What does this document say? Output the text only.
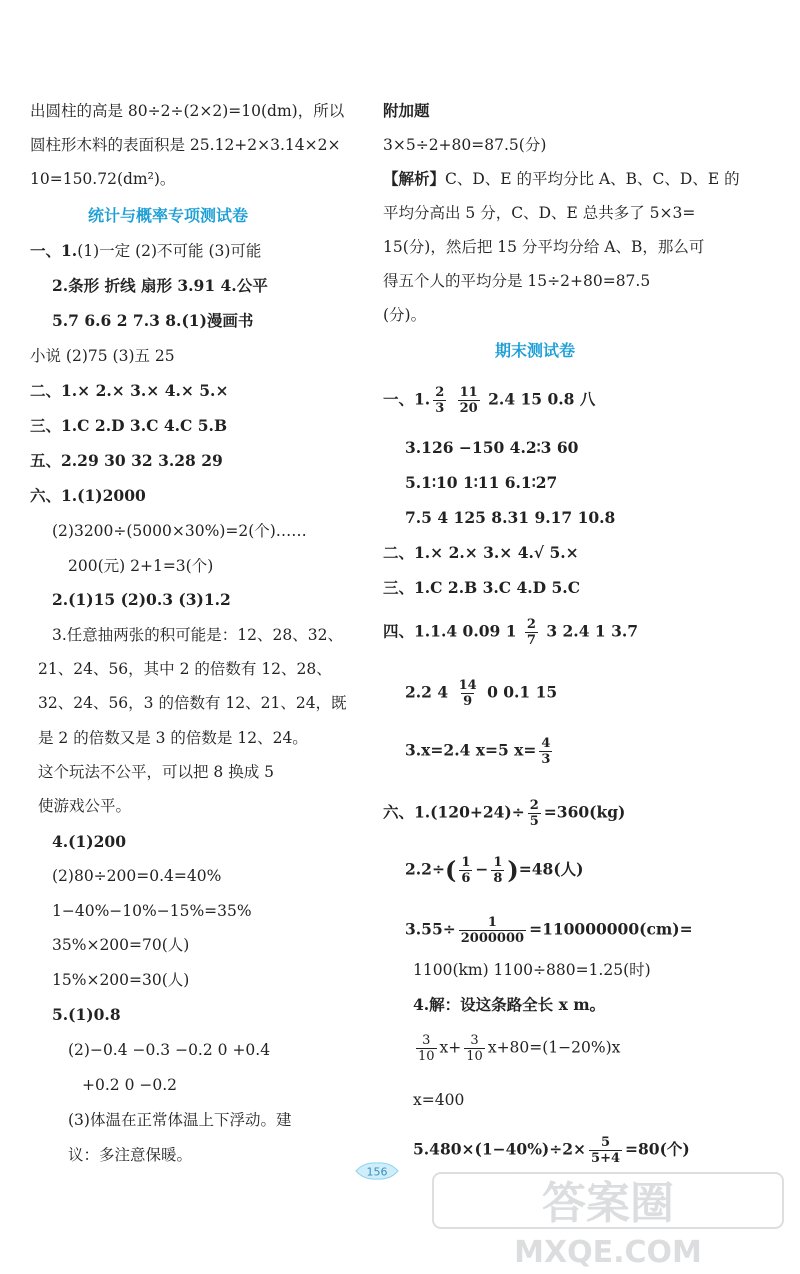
出圆柱的高是 80÷2÷(2×2)=10(dm)，所以
圆柱形木料的表面积是 25.12+2×3.14×2×
10=150.72(dm²)。
统计与概率专项测试卷
一、1.(1)一定 (2)不可能 (3)可能
2.条形 折线 扇形 3.91 4.公平
5.7 6.6 2 7.3 8.(1)漫画书
小说 (2)75 (3)五 25
二、1.× 2.× 3.× 4.× 5.×
三、1.C 2.D 3.C 4.C 5.B
五、2.29 30 32 3.28 29
六、1.(1)2000
(2)3200÷(5000×30%)=2(个)……
200(元) 2+1=3(个)
2.(1)15 (2)0.3 (3)1.2
3.任意抽两张的积可能是：12、28、32、
21、24、56，其中 2 的倍数有 12、28、
32、24、56，3 的倍数有 12、21、24，既
是 2 的倍数又是 3 的倍数是 12、24。
这个玩法不公平，可以把 8 换成 5
使游戏公平。
4.(1)200
(2)80÷200=0.4=40%
1−40%−10%−15%=35%
35%×200=70(人)
15%×200=30(人)
5.(1)0.8
(2)−0.4 −0.3 −0.2 0 +0.4
+0.2 0 −0.2
(3)体温在正常体温上下浮动。建
议：多注意保暖。
附加题
3×5÷2+80=87.5(分)
【解析】C、D、E 的平均分比 A、B、C、D、E 的
平均分高出 5 分，C、D、E 总共多了 5×3=
15(分)，然后把 15 分平均分给 A、B，那么可
得五个人的平均分是 15÷2+80=87.5
(分)。
期末测试卷
一、1. $\frac{2}{3}$
$\frac{11}{20} 2.4$ 15 0.8 八
3.126 −150 4.2∶3 60
5.1∶10 1∶11 6.1∶27
7.5 4 125 8.31 9.17 10.8
二、1.× 2.× 3.× 4.√ 5.×
三、1.C 2.B 3.C 4.D 5.C
四、1.1.4 0.09 $1 \frac{2}{7} 3$ 2.4 1 3.7
2.2 $4 \frac{14}{9} 0$ 0.1 15
3.x=2.4 x=5 $x= \frac{4}{3}$
六、$1.(120+24)\div \frac{2}{5} =360(kg)$
$2.2\div( \frac{1}{6} - \frac{1}{8} )=48$(人)
$3.55\div \frac{1}{2000000} =110000000(cm)=$
1100(km) 1100÷880=1.25(时)
4.解：设这条路全长 x m。
$\frac{3}{10} x+ \frac{3}{10} x+80=(1-20\%)x$
x=400
$5.480\times(1-40\%)\div 2\times \frac{5}{5+4} =80$(个)
156
答案圈
MXQE.COM
